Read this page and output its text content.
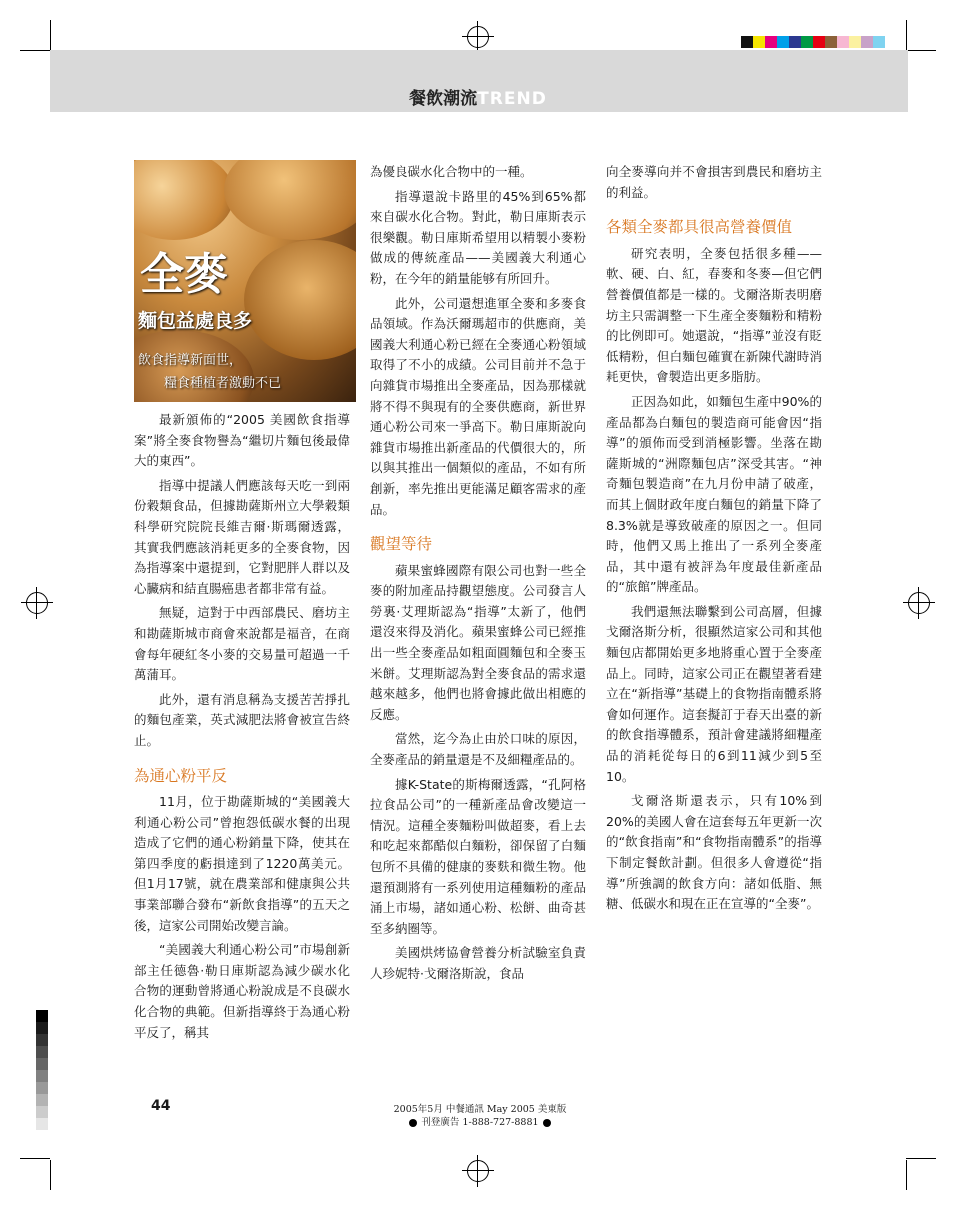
餐飲潮流TREND
全麥
麵包益處良多
飲食指導新面世，
糧食種植者激動不已

最新頒佈的“2005 美國飲食指導案”將全麥食物譽為“繼切片麵包後最偉大的東西”。

指導中提議人們應該每天吃一到兩份穀類食品，但據勘薩斯州立大學穀類科學研究院院長維吉爾·斯瑪爾透露，其實我們應該消耗更多的全麥食物，因為指導案中還提到，它對肥胖人群以及心臟病和結直腸癌患者都非常有益。

無疑，這對于中西部農民、磨坊主和勘薩斯城市商會來說都是福音，在商會每年硬紅冬小麥的交易量可超過一千萬蒲耳。

此外，還有消息稱為支援苦苦掙扎的麵包產業，英式減肥法將會被宣告終止。

為通心粉平反

11月，位于勘薩斯城的“美國義大利通心粉公司”曾抱怨低碳水餐的出現造成了它們的通心粉銷量下降，使其在第四季度的虧損達到了1220萬美元。但1月17號，就在農業部和健康與公共事業部聯合發布“新飲食指導”的五天之後，這家公司開始改變言論。

“美國義大利通心粉公司”市場創新部主任德魯·勒日庫斯認為減少碳水化合物的運動曾將通心粉說成是不良碳水化合物的典範。但新指導終于為通心粉平反了，稱其

為優良碳水化合物中的一種。

指導還說卡路里的45%到65%都來自碳水化合物。對此，勒日庫斯表示很樂觀。勒日庫斯希望用以精製小麥粉做成的傳統產品——美國義大利通心粉，在今年的銷量能够有所回升。

此外，公司還想進軍全麥和多麥食品領域。作為沃爾瑪超市的供應商，美國義大利通心粉已經在全麥通心粉領域取得了不小的成績。公司目前并不急于向雜貨市場推出全麥產品，因為那樣就將不得不與現有的全麥供應商，新世界通心粉公司來一爭高下。勒日庫斯說向雜貨市場推出新產品的代價很大的，所以與其推出一個類似的產品，不如有所創新，率先推出更能滿足顧客需求的產品。

觀望等待

蘋果蜜蜂國際有限公司也對一些全麥的附加產品持觀望態度。公司發言人勞裏·艾理斯認為“指導”太新了，他們還沒來得及消化。蘋果蜜蜂公司已經推出一些全麥產品如粗面圓麵包和全麥玉米餅。艾理斯認為對全麥食品的需求還越來越多，他們也將會據此做出相應的反應。

當然，迄今為止由於口味的原因，全麥產品的銷量還是不及細糧產品的。

據K-State的斯梅爾透露，“孔阿格拉食品公司”的一種新產品會改變這一情況。這種全麥麵粉叫做超麥，看上去和吃起來都酷似白麵粉，卻保留了白麵包所不具備的健康的麥麩和微生物。他還預測將有一系列使用這種麵粉的產品涌上市場，諸如通心粉、松餅、曲奇甚至多納圈等。

美國烘烤協會營養分析試驗室負責人珍妮特·戈爾洛斯說，食品

向全麥導向并不會損害到農民和磨坊主的利益。

各類全麥都具很高營養價值

研究表明，全麥包括很多種——軟、硬、白、紅，春麥和冬麥—但它們營養價值都是一樣的。戈爾洛斯表明磨坊主只需調整一下生產全麥麵粉和精粉的比例即可。她還說，“指導”並沒有貶低精粉，但白麵包確實在新陳代謝時消耗更快，會製造出更多脂肪。

正因為如此，如麵包生產中90%的產品都為白麵包的製造商可能會因“指導”的頒佈而受到消極影響。坐落在勘薩斯城的“洲際麵包店”深受其害。“神奇麵包製造商”在九月份申請了破產，而其上個財政年度白麵包的銷量下降了8.3%就是導致破產的原因之一。但同時，他們又馬上推出了一系列全麥產品，其中還有被評為年度最佳新產品的“旅館”牌產品。

我們還無法聯繫到公司高層，但據戈爾洛斯分析，很顯然這家公司和其他麵包店都開始更多地將重心置于全麥產品上。同時，這家公司正在觀望著看建立在“新指導”基礎上的食物指南體系將會如何運作。這套擬訂于春天出臺的新的飲食指導體系，預計會建議將細糧產品的消耗從每日的6到11減少到5至10。

戈爾洛斯還表示，只有10%到20%的美國人會在這套每五年更新一次的“飲食指南”和“食物指南體系”的指導下制定餐飲計劃。但很多人會遵從“指導”所強調的飲食方向：諸如低脂、無糖、低碳水和現在正在宣導的“全麥”。

44	2005年5月 中餐通訊 May 2005 美東版
刊登廣告 1-888-727-8881
